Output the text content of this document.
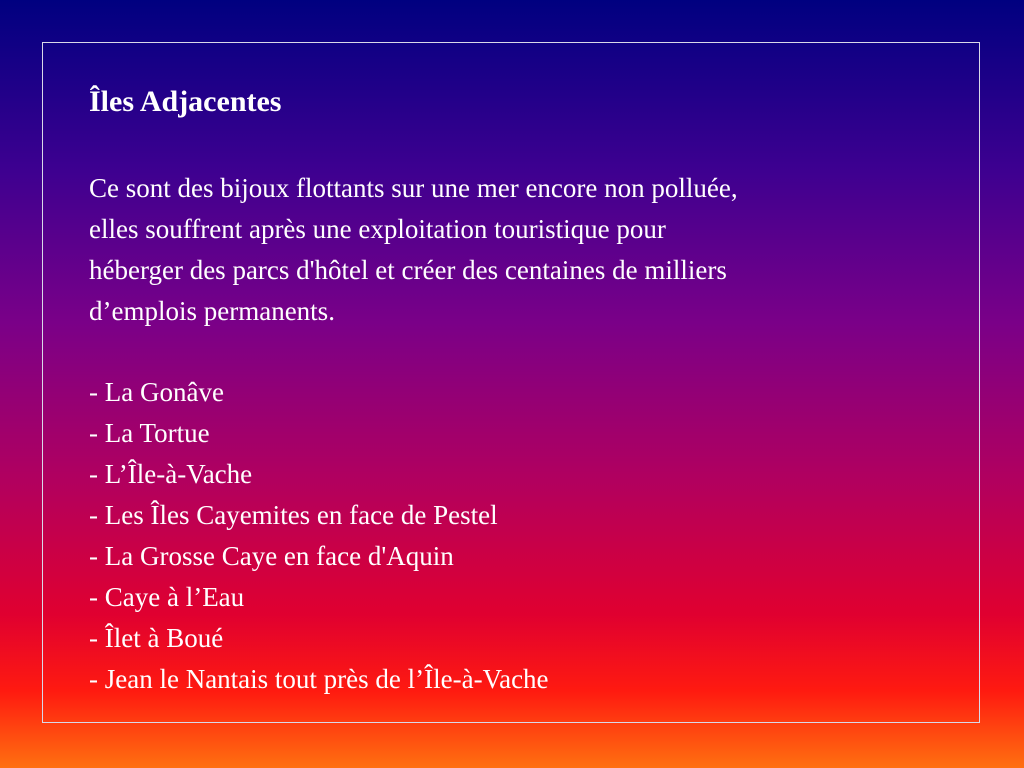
Îles Adjacentes

Ce sont des bijoux flottants sur une mer encore non polluée,
elles souffrent après une exploitation touristique pour
héberger des parcs d'hôtel et créer des centaines de milliers
d’emplois permanents.

- La Gonâve
- La Tortue
- L’Île-à-Vache
- Les Îles Cayemites en face de Pestel
- La Grosse Caye en face d'Aquin
- Caye à l’Eau
- Îlet à Boué
- Jean le Nantais tout près de l’Île-à-Vache
